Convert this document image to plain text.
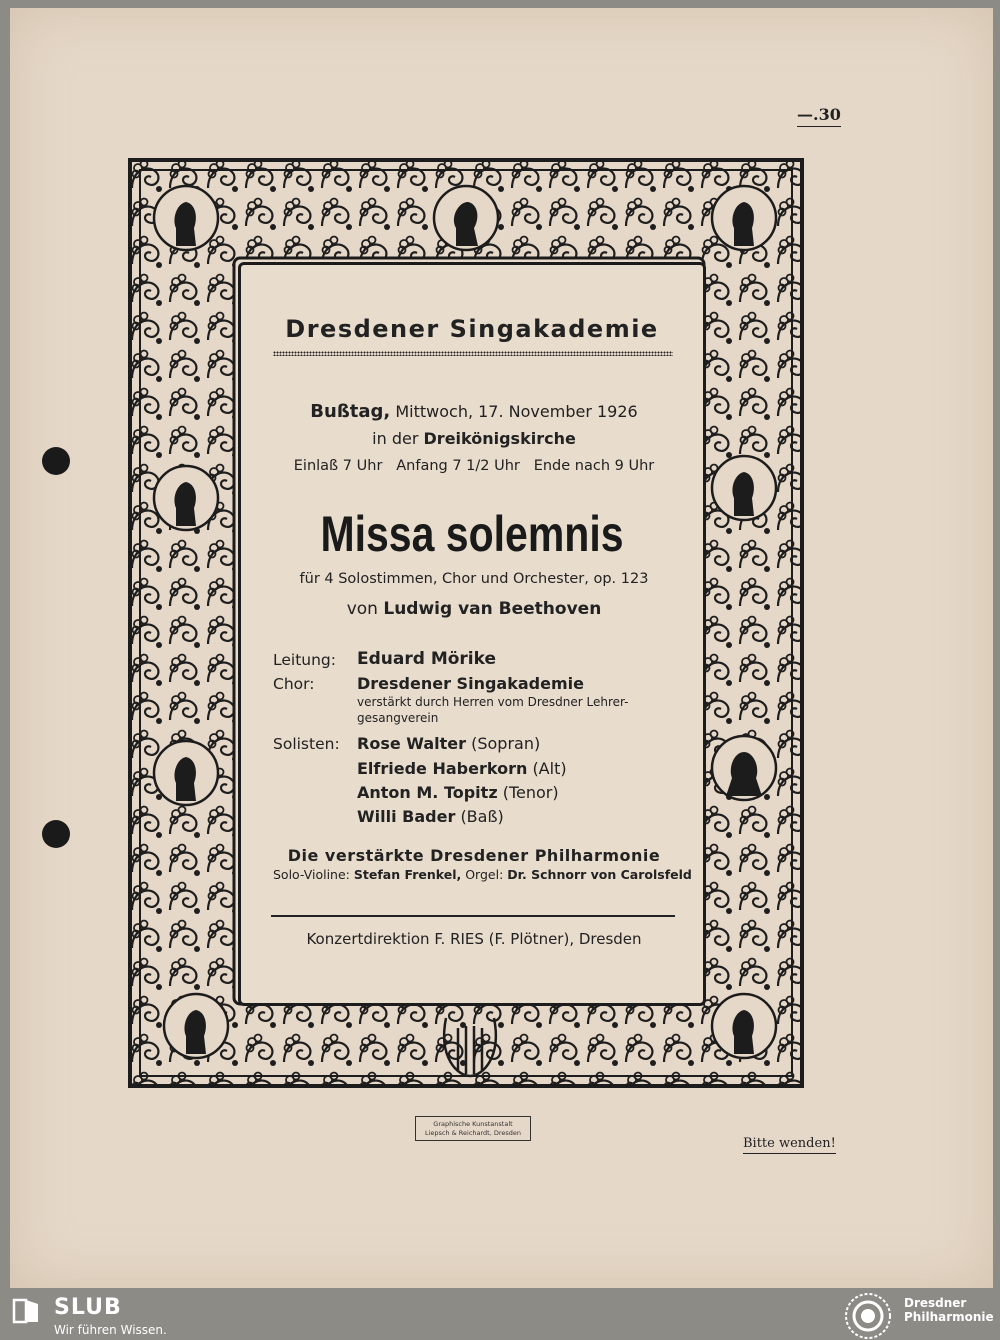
—.30
Dresdener Singakademie
Bußtag, Mittwoch, 17. November 1926
in der Dreikönigskirche
Einlaß 7 Uhr   Anfang 7 1/2 Uhr   Ende nach 9 Uhr
Missa solemnis
für 4 Solostimmen, Chor und Orchester, op. 123
von Ludwig van Beethoven
Leitung: Eduard Mörike
Chor:	Dresdener Singakademie
verstärkt durch Herren vom Dresdner Lehrer-
gesangverein
Solisten: Rose Walter (Sopran)
Elfriede Haberkorn (Alt)
Anton M. Topitz (Tenor)
Willi Bader (Baß)
Die verstärkte Dresdener Philharmonie
Solo-Violine: Stefan Frenkel, Orgel: Dr. Schnorr von Carolsfeld
Konzertdirektion F. RIES (F. Plötner), Dresden
Graphische Kunstanstalt
Liepsch & Reichardt, Dresden
Bitte wenden!
SLUB
Wir führen Wissen.
Dresdner
Philharmonie
